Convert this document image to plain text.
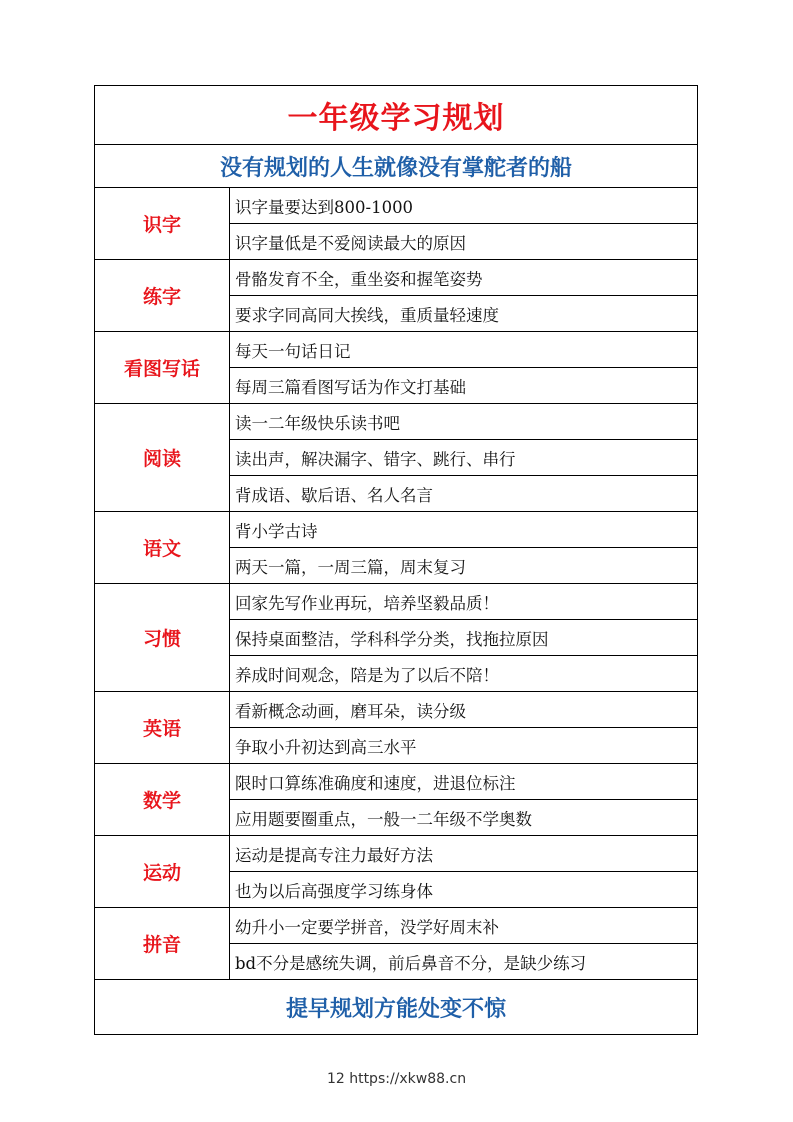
一年级学习规划	
没有规划的人生就像没有掌舵者的船	
识字	识字量要达到800-1000
	识字量低是不爱阅读最大的原因
练字	骨骼发育不全，重坐姿和握笔姿势
	要求字同高同大挨线，重质量轻速度
看图写话	每天一句话日记
	每周三篇看图写话为作文打基础
阅读	读一二年级快乐读书吧
	读出声，解决漏字、错字、跳行、串行
	背成语、歇后语、名人名言
语文	背小学古诗
	两天一篇，一周三篇，周末复习
习惯	回家先写作业再玩，培养坚毅品质！
	保持桌面整洁，学科科学分类，找拖拉原因
	养成时间观念，陪是为了以后不陪！
英语	看新概念动画，磨耳朵，读分级
	争取小升初达到高三水平
数学	限时口算练准确度和速度，进退位标注
	应用题要圈重点，一般一二年级不学奥数
运动	运动是提高专注力最好方法
	也为以后高强度学习练身体
拼音	幼升小一定要学拼音，没学好周末补
	bd不分是感统失调，前后鼻音不分，是缺少练习
提早规划方能处变不惊	
12 https://xkw88.cn
